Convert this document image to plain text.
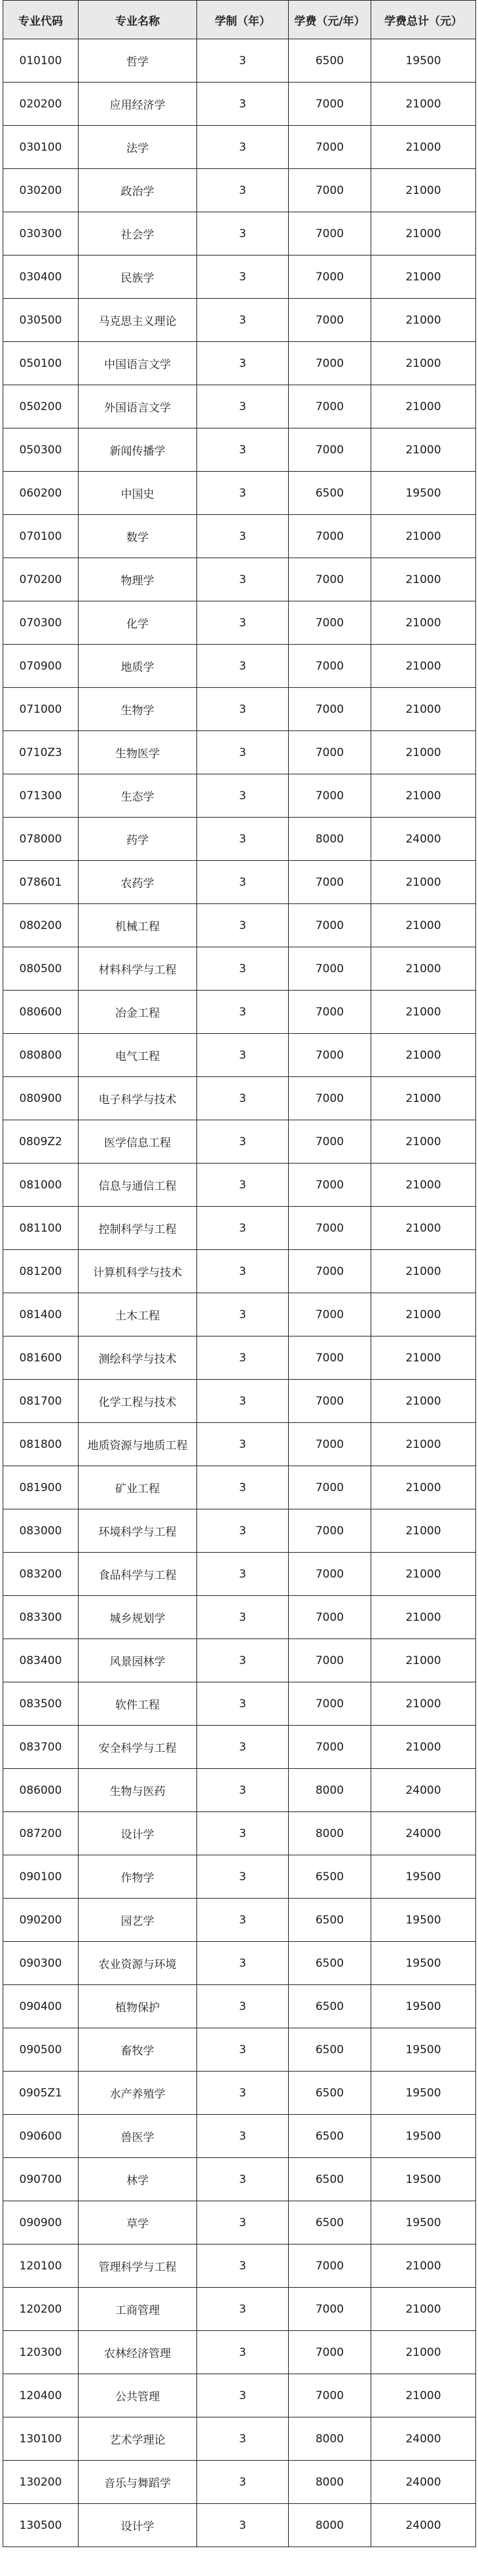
专业代码	专业名称	学制（年）	学费（元/年）	学费总计（元）
010100	哲学	3	6500	19500
020200	应用经济学	3	7000	21000
030100	法学	3	7000	21000
030200	政治学	3	7000	21000
030300	社会学	3	7000	21000
030400	民族学	3	7000	21000
030500	马克思主义理论	3	7000	21000
050100	中国语言文学	3	7000	21000
050200	外国语言文学	3	7000	21000
050300	新闻传播学	3	7000	21000
060200	中国史	3	6500	19500
070100	数学	3	7000	21000
070200	物理学	3	7000	21000
070300	化学	3	7000	21000
070900	地质学	3	7000	21000
071000	生物学	3	7000	21000
0710Z3	生物医学	3	7000	21000
071300	生态学	3	7000	21000
078000	药学	3	8000	24000
078601	农药学	3	7000	21000
080200	机械工程	3	7000	21000
080500	材料科学与工程	3	7000	21000
080600	冶金工程	3	7000	21000
080800	电气工程	3	7000	21000
080900	电子科学与技术	3	7000	21000
0809Z2	医学信息工程	3	7000	21000
081000	信息与通信工程	3	7000	21000
081100	控制科学与工程	3	7000	21000
081200	计算机科学与技术	3	7000	21000
081400	土木工程	3	7000	21000
081600	测绘科学与技术	3	7000	21000
081700	化学工程与技术	3	7000	21000
081800	地质资源与地质工程	3	7000	21000
081900	矿业工程	3	7000	21000
083000	环境科学与工程	3	7000	21000
083200	食品科学与工程	3	7000	21000
083300	城乡规划学	3	7000	21000
083400	风景园林学	3	7000	21000
083500	软件工程	3	7000	21000
083700	安全科学与工程	3	7000	21000
086000	生物与医药	3	8000	24000
087200	设计学	3	8000	24000
090100	作物学	3	6500	19500
090200	园艺学	3	6500	19500
090300	农业资源与环境	3	6500	19500
090400	植物保护	3	6500	19500
090500	畜牧学	3	6500	19500
0905Z1	水产养殖学	3	6500	19500
090600	兽医学	3	6500	19500
090700	林学	3	6500	19500
090900	草学	3	6500	19500
120100	管理科学与工程	3	7000	21000
120200	工商管理	3	7000	21000
120300	农林经济管理	3	7000	21000
120400	公共管理	3	7000	21000
130100	艺术学理论	3	8000	24000
130200	音乐与舞蹈学	3	8000	24000
130500	设计学	3	8000	24000
